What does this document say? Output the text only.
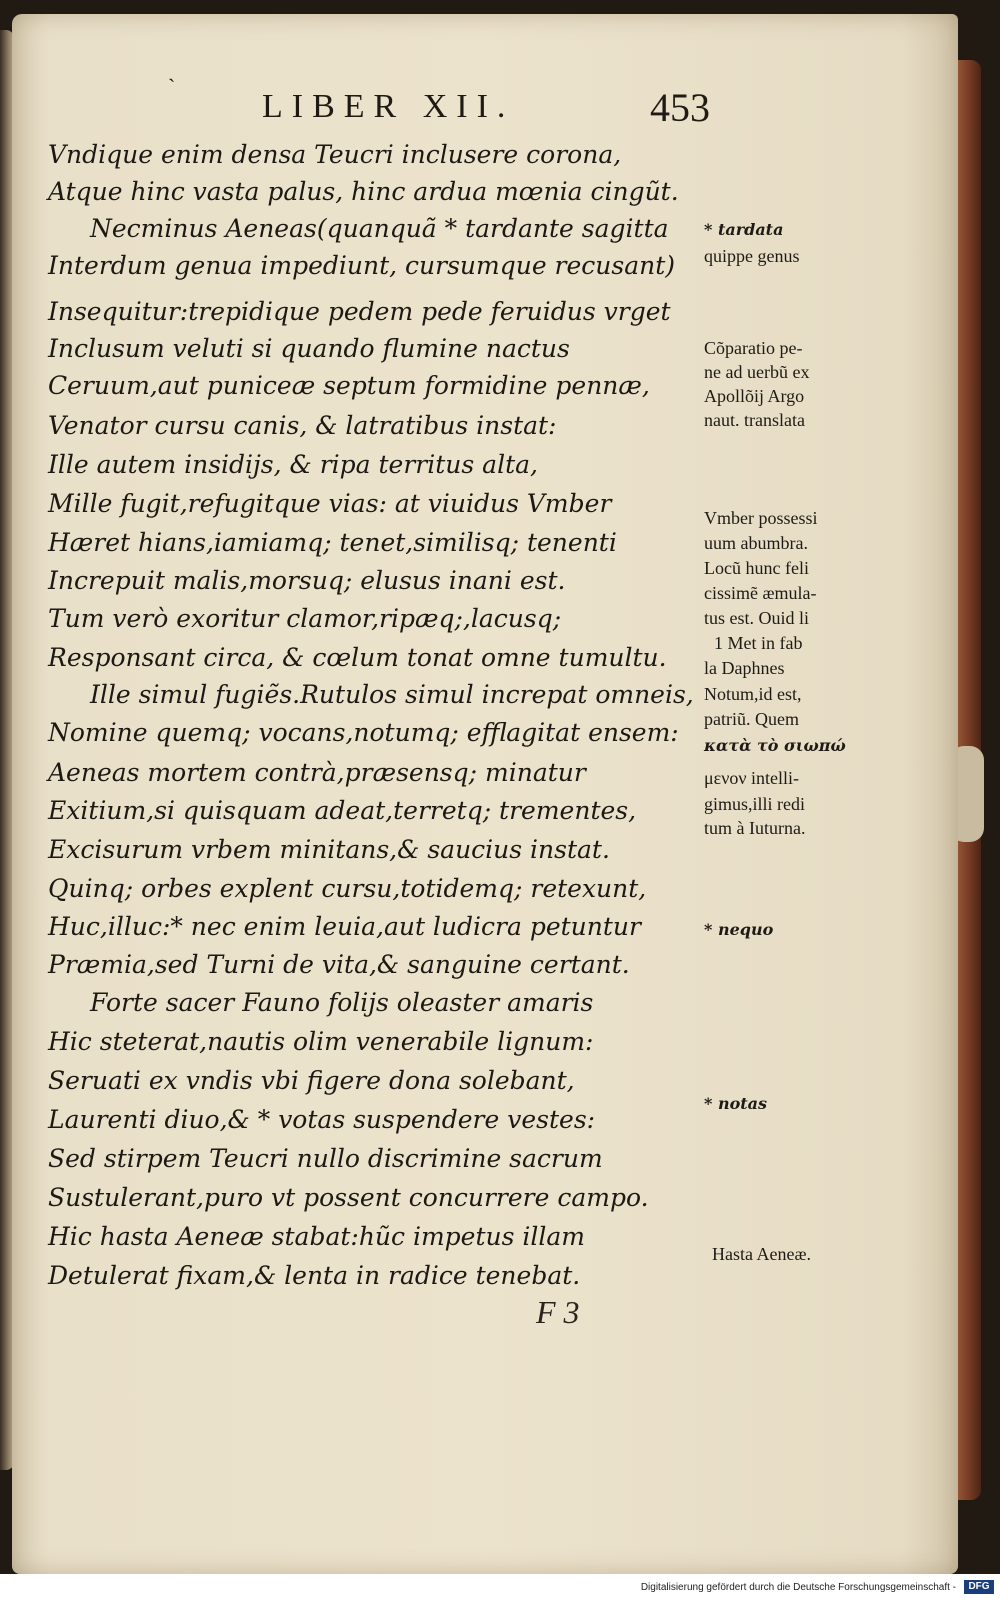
ˋ
LIBER XII.	453
Vndique enim densa Teucri inclusere corona,
Atque hinc vasta palus, hinc ardua mœnia cingũt.
Necminus Aeneas(quanquã * tardante sagitta
Interdum genua impediunt, cursumque recusant)
Insequitur:trepidique pedem pede feruidus vrget
Inclusum veluti si quando flumine nactus
Ceruum,aut puniceæ septum formidine pennæ,
Venator cursu canis, & latratibus instat:
Ille autem insidijs, & ripa territus alta,
Mille fugit,refugitque vias: at viuidus Vmber
Hæret hians,iamiamq; tenet,similisq; tenenti
Increpuit malis,morsuq; elusus inani est.
Tum verò exoritur clamor,ripæq;,lacusq;
Responsant circa, & cœlum tonat omne tumultu.
Ille simul fugiẽs.Rutulos simul increpat omneis,
Nomine quemq; vocans,notumq; efflagitat ensem:
Aeneas mortem contrà,præsensq; minatur
Exitium,si quisquam adeat,terretq; trementes,
Excisurum vrbem minitans,& saucius instat.
Quinq; orbes explent cursu,totidemq; retexunt,
Huc,illuc:* nec enim leuia,aut ludicra petuntur
Præmia,sed Turni de vita,& sanguine certant.
Forte sacer Fauno folijs oleaster amaris
Hic steterat,nautis olim venerabile lignum:
Seruati ex vndis vbi figere dona solebant,
Laurenti diuo,& * votas suspendere vestes:
Sed stirpem Teucri nullo discrimine sacrum
Sustulerant,puro vt possent concurrere campo.
Hic hasta Aeneæ stabat:hũc impetus illam
Detulerat fixam,& lenta in radice tenebat.
* tardata
quippe genus
Cõparatio pe-
ne ad uerbũ ex
Apollõij Argo
naut. translata
Vmber possessi
uum abumbra.
Locũ hunc feli
cissimẽ æmula-
tus est. Ouid li
1 Met in fab
la Daphnes
Notum,id est,
patriũ. Quem
κατὰ τὸ σιωπώ
μενον intelli-
gimus,illi redi
tum à Iuturna.
* nequo
* notas
Hasta Aeneæ.
F 3
Digitalisierung gefördert durch die Deutsche Forschungsgemeinschaft -	DFG
